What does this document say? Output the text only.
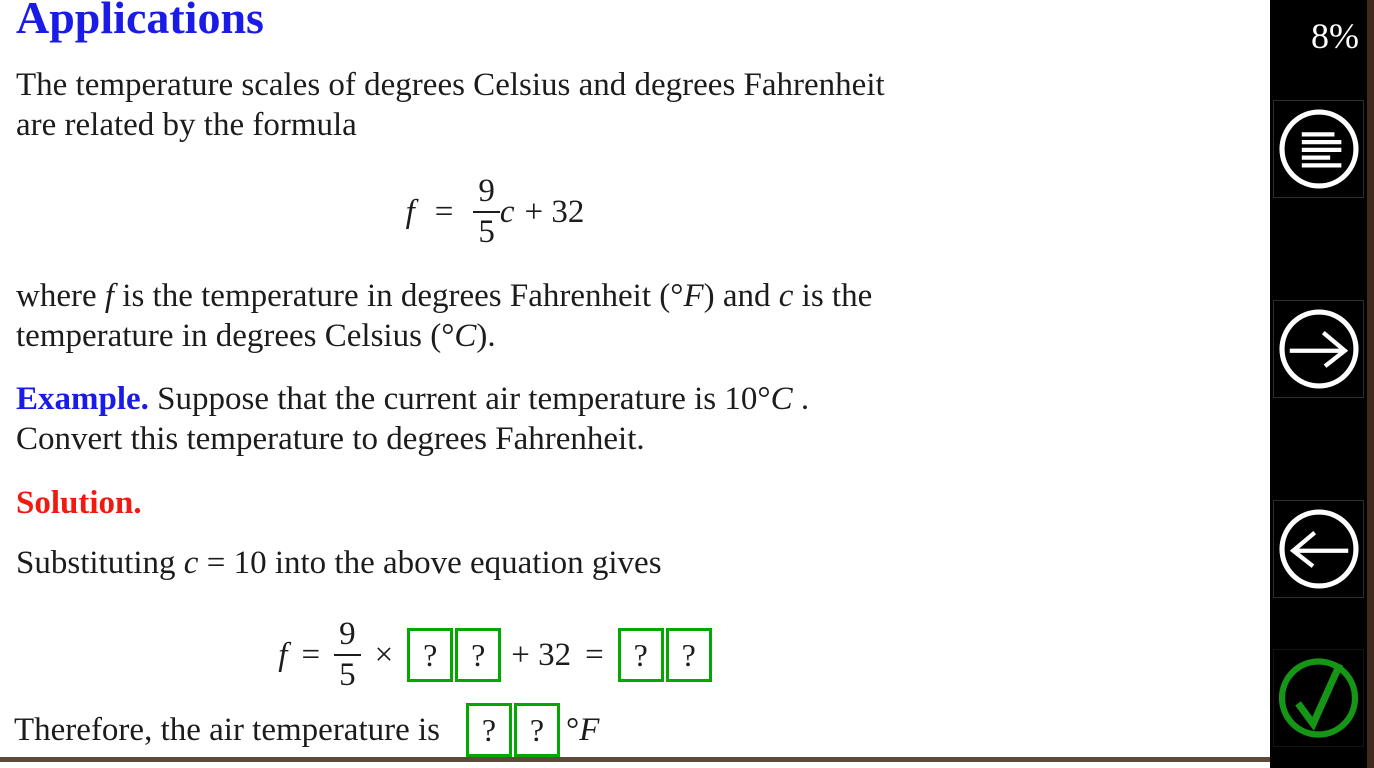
Applications
The temperature scales of degrees Celsius and degrees Fahrenheit
are related by the formula
$f = \frac{9}{5}$ c + 32
where f is the temperature in degrees Fahrenheit (°F) and c is the
temperature in degrees Celsius (°C).
Example. Suppose that the current air temperature is 10°C .
Convert this temperature to degrees Fahrenheit.
Solution.
Substituting c = 10 into the above equation gives
$f = \frac{9}{5}$ × ?	? + 32 = ?	?
Therefore, the air temperature is	?	? ° F
8%
